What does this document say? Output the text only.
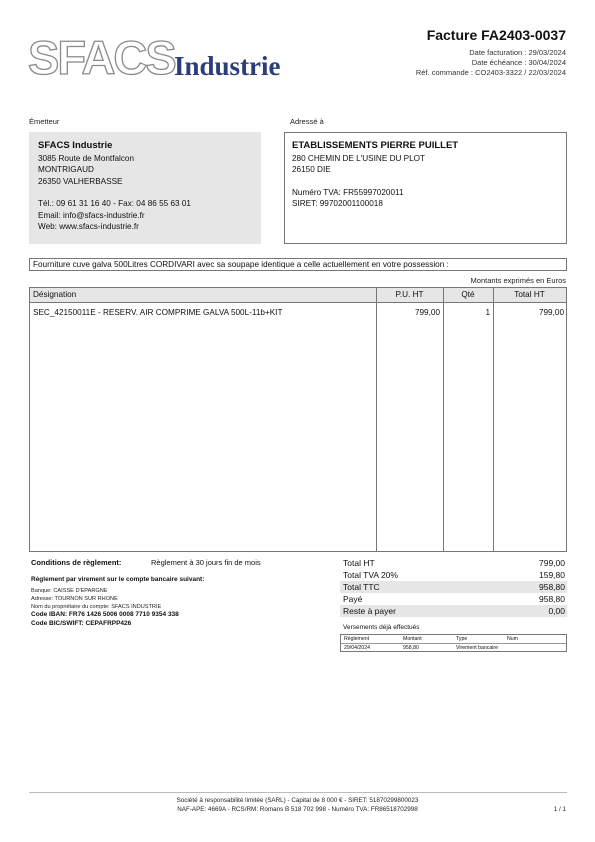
SFACS Industrie
Facture FA2403-0037
Date facturation : 29/03/2024
Date échéance : 30/04/2024
Réf. commande : CO2403-3322 / 22/03/2024
Émetteur
SFACS Industrie
3085 Route de Montfalcon
MONTRIGAUD
26350 VALHERBASSE
Tél.: 09 61 31 16 40 - Fax: 04 86 55 63 01
Email: info@sfacs-industrie.fr
Web: www.sfacs-industrie.fr
Adressé à
ETABLISSEMENTS PIERRE PUILLET
280 CHEMIN DE L'USINE DU PLOT
26150 DIE
Numéro TVA: FR55997020011
SIRET: 99702001100018
Fourniture cuve galva 500Litres CORDIVARI avec sa soupape identique a celle actuellement en votre possession :
Montants exprimés en Euros
Désignation	P.U. HT	Qté	Total HT
SEC_42150011E - RESERV. AIR COMPRIME GALVA 500L-11b+KIT	799,00	1	799,00
Conditions de règlement:	Règlement à 30 jours fin de mois
Règlement par virement sur le compte bancaire suivant:
Banque: CAISSE D'EPARGNE
Adresse: TOURNON SUR RHONE
Nom du propriétaire du compte: SFACS INDUSTRIE
Code IBAN: FR76 1426 5006 0008 7710 9354 338
Code BIC/SWIFT: CEPAFRPP426
Total HT	799,00
Total TVA 20%	159,80
Total TTC	958,80
Payé	958,80
Reste à payer	0,00
Versements déjà effectués
Règlement	Montant	Type	Num
29/04/2024	958,80	Virement bancaire
Société à responsabilité limitée (SARL) - Capital de 8 000 € - SIRET: 51870299800023
NAF-APE: 4669A - RCS/RM: Romans B 518 702 998 - Numéro TVA: FR86518702998	1 / 1
